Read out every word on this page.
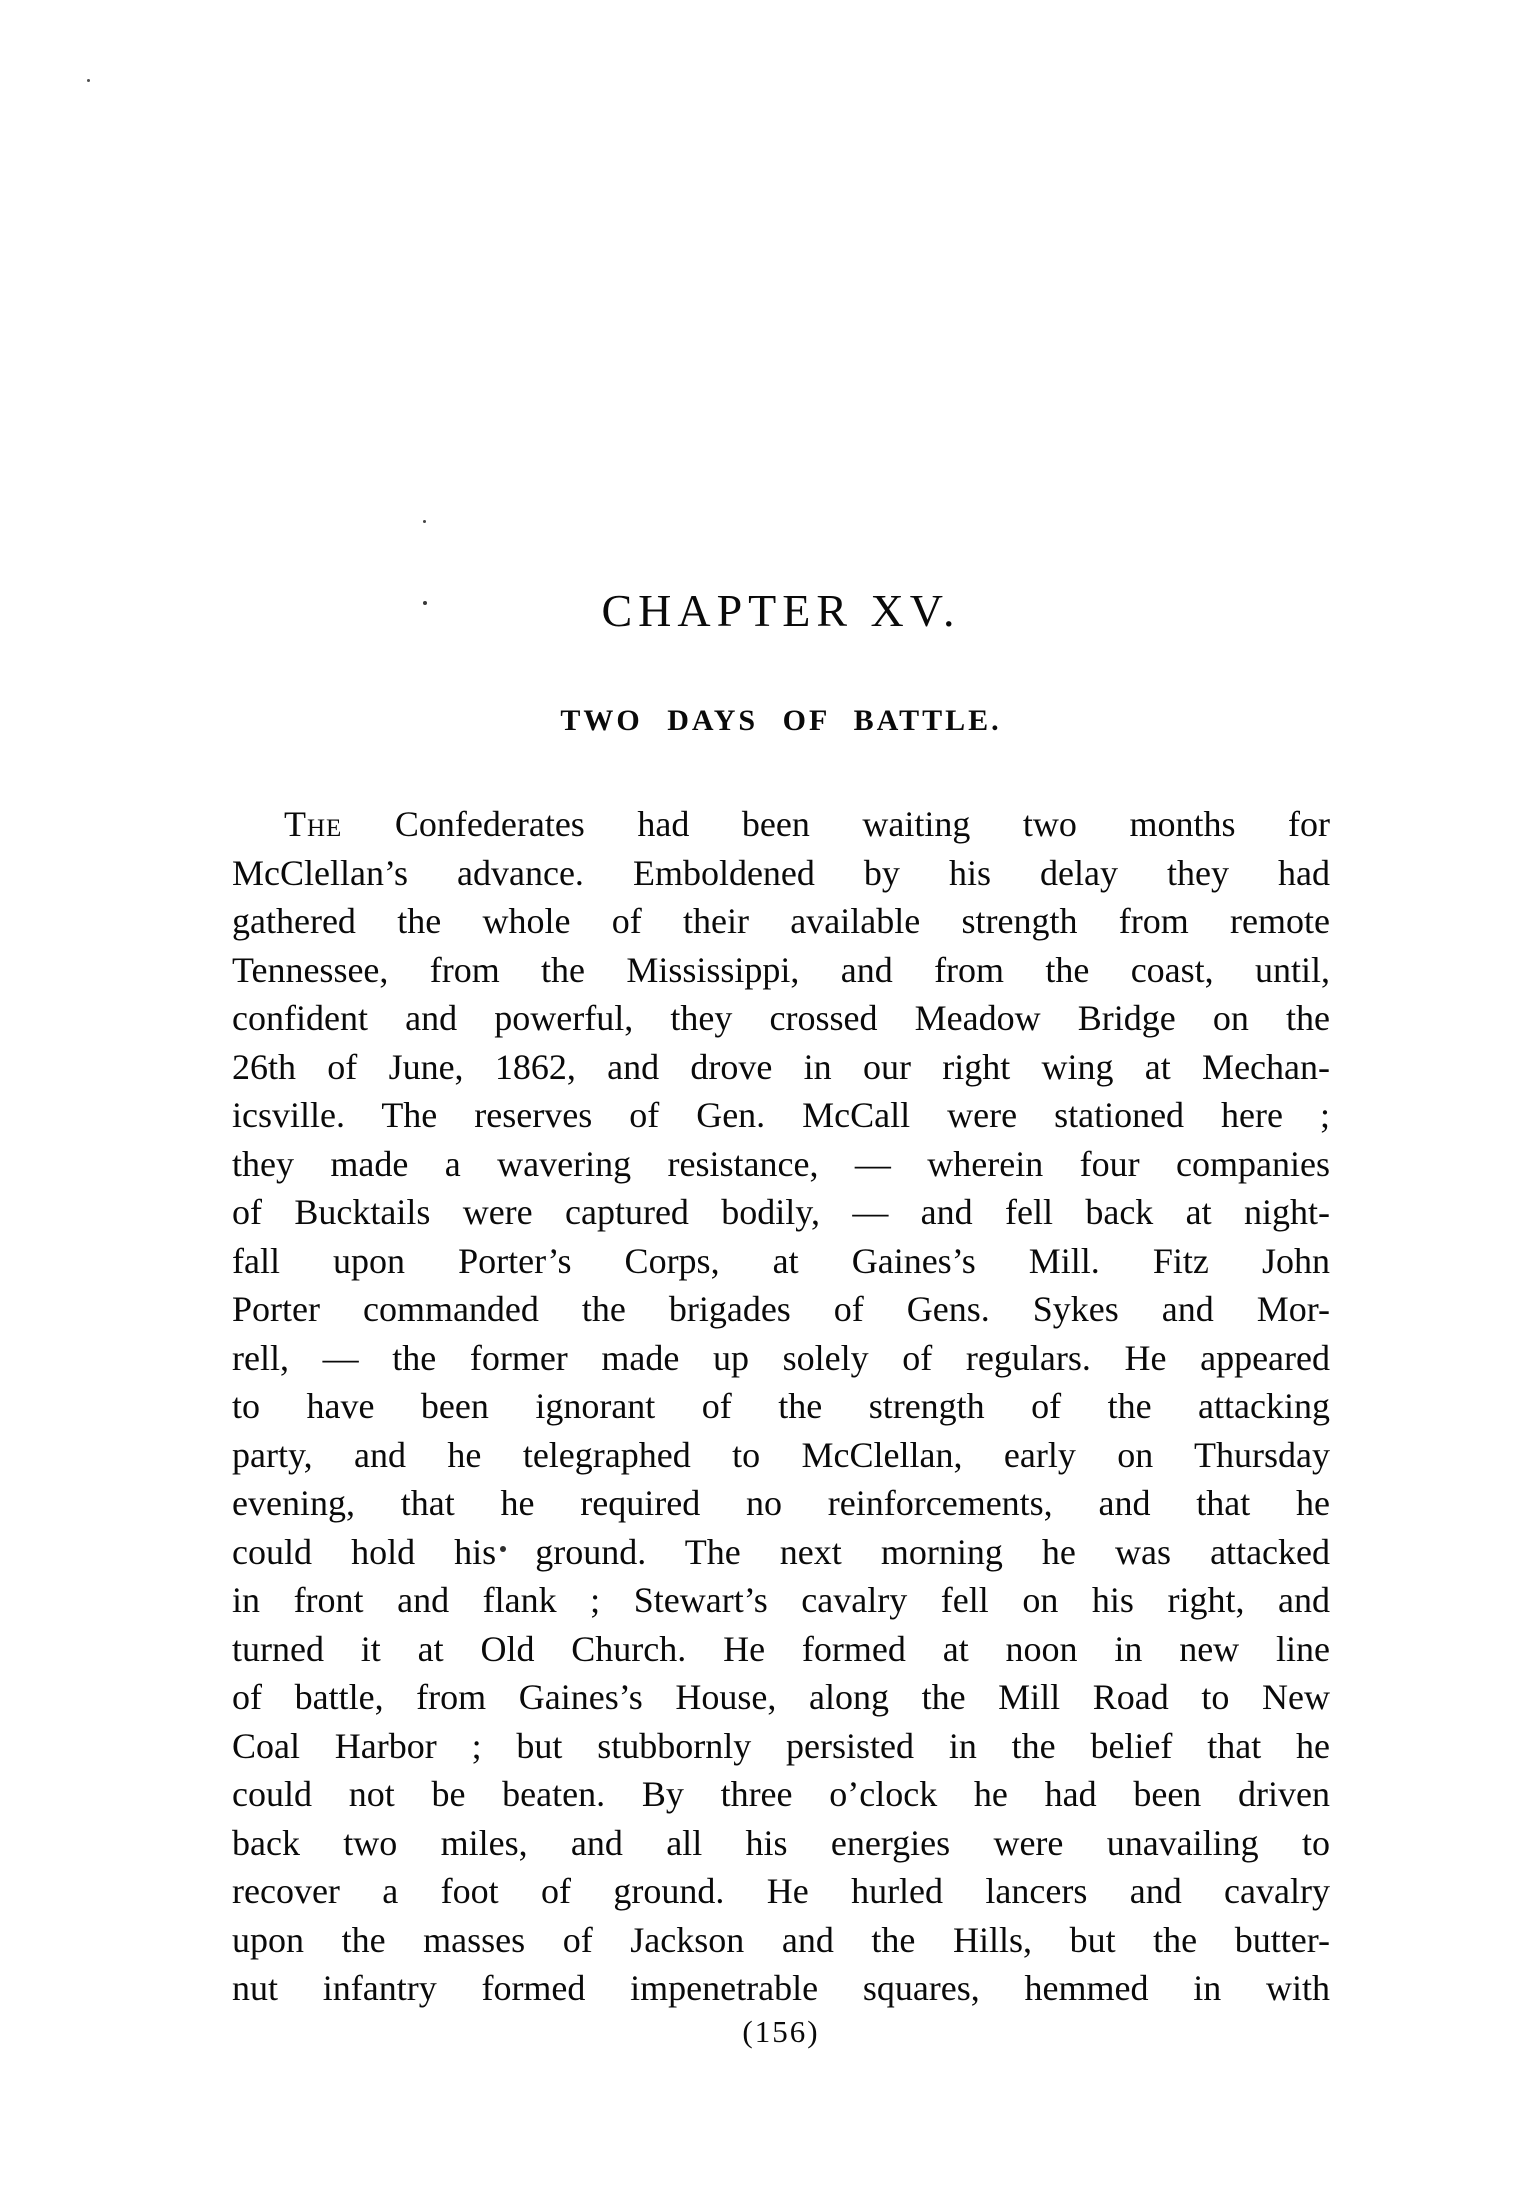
CHAPTER XV.
TWO DAYS OF BATTLE.
The Confederates had been waiting two months for
McClellan’s advance. Emboldened by his delay they had
gathered the whole of their available strength from remote
Tennessee, from the Mississippi, and from the coast, until,
confident and powerful, they crossed Meadow Bridge on the
26th of June, 1862, and drove in our right wing at Mechan-
icsville. The reserves of Gen. McCall were stationed here ;
they made a wavering resistance, — wherein four companies
of Bucktails were captured bodily, — and fell back at night-
fall upon Porter’s Corps, at Gaines’s Mill. Fitz John
Porter commanded the brigades of Gens. Sykes and Mor-
rell, — the former made up solely of regulars. He appeared
to have been ignorant of the strength of the attacking
party, and he telegraphed to McClellan, early on Thursday
evening, that he required no reinforcements, and that he
could hold his ground. The next morning he was attacked
in front and flank ; Stewart’s cavalry fell on his right, and
turned it at Old Church. He formed at noon in new line
of battle, from Gaines’s House, along the Mill Road to New
Coal Harbor ; but stubbornly persisted in the belief that he
could not be beaten. By three o’clock he had been driven
back two miles, and all his energies were unavailing to
recover a foot of ground. He hurled lancers and cavalry
upon the masses of Jackson and the Hills, but the butter-
nut infantry formed impenetrable squares, hemmed in with
(156)
